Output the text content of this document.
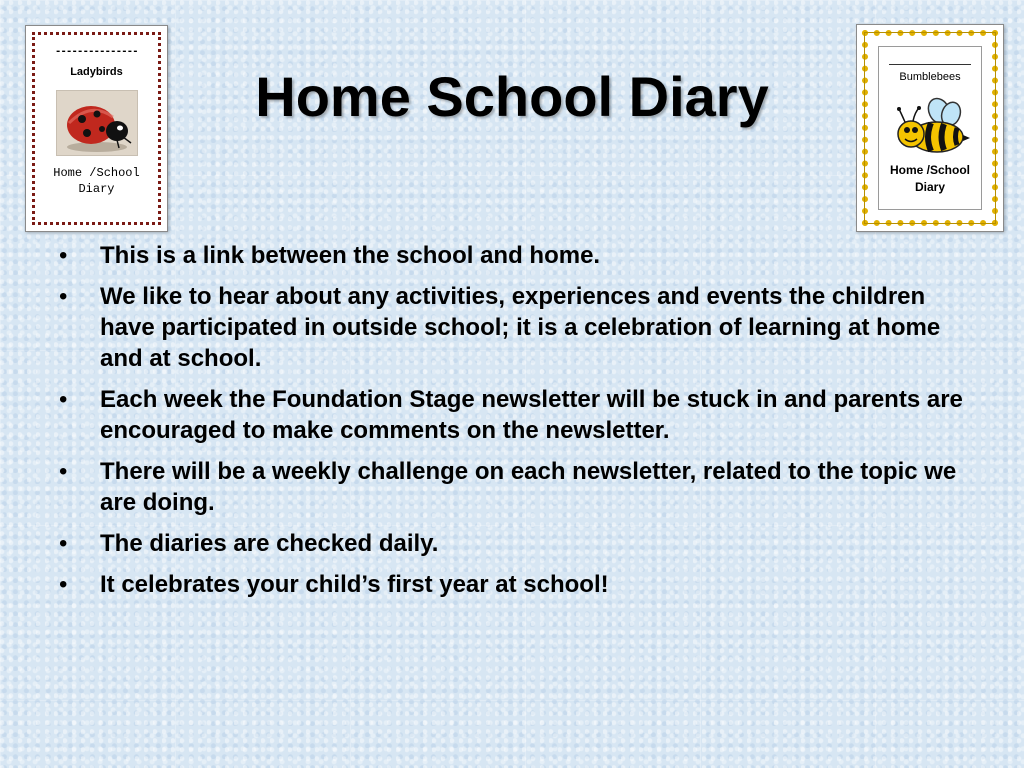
---------------
Ladybirds
Home /School
Diary
Home School Diary	Bumblebees
Home /School
Diary
• This is a link between the school and home.
• We like to hear about any activities, experiences and events the children have participated in outside school; it is a celebration of learning at home and at school.
• Each week the Foundation Stage newsletter will be stuck in and parents are encouraged to make comments on the newsletter.
• There will be a weekly challenge on each newsletter, related to the topic we are doing.
• The diaries are checked daily.
• It celebrates your child’s first year at school!
